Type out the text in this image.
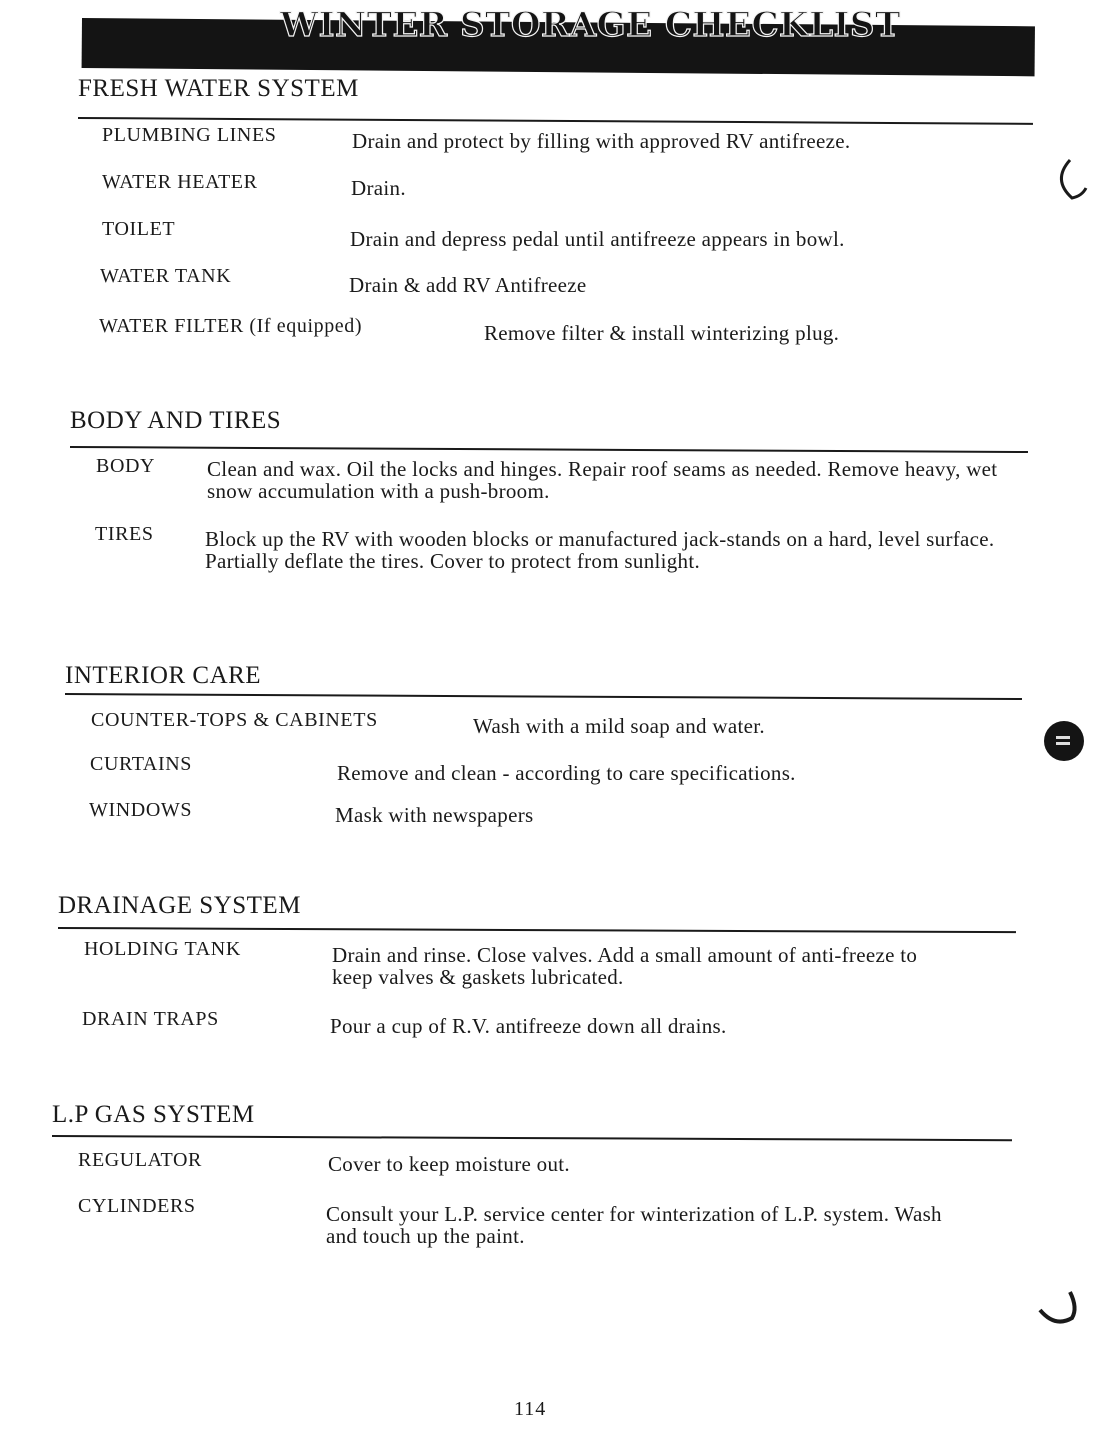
WINTER STORAGE CHECKLIST
FRESH WATER SYSTEM
PLUMBING LINES	Drain and protect by filling with approved RV antifreeze.
WATER HEATER	Drain.
TOILET	Drain and depress pedal until antifreeze appears in bowl.
WATER TANK	Drain & add RV Antifreeze
WATER FILTER (If equipped)	Remove filter & install winterizing plug.
BODY AND TIRES
BODY Clean and wax. Oil the locks and hinges. Repair roof seams as needed. Remove heavy, wet snow accumulation with a push-broom.
TIRES Block up the RV with wooden blocks or manufactured jack-stands on a hard, level surface. Partially deflate the tires. Cover to protect from sunlight.
INTERIOR CARE
COUNTER-TOPS & CABINETS	Wash with a mild soap and water.
CURTAINS	Remove and clean - according to care specifications.
WINDOWS	Mask with newspapers
DRAINAGE SYSTEM
HOLDING TANK	Drain and rinse. Close valves. Add a small amount of anti-freeze to keep valves & gaskets lubricated.
DRAIN TRAPS	Pour a cup of R.V. antifreeze down all drains.
L.P GAS SYSTEM
REGULATOR	Cover to keep moisture out.
CYLINDERS	Consult your L.P. service center for winterization of L.P. system. Wash and touch up the paint.
114
